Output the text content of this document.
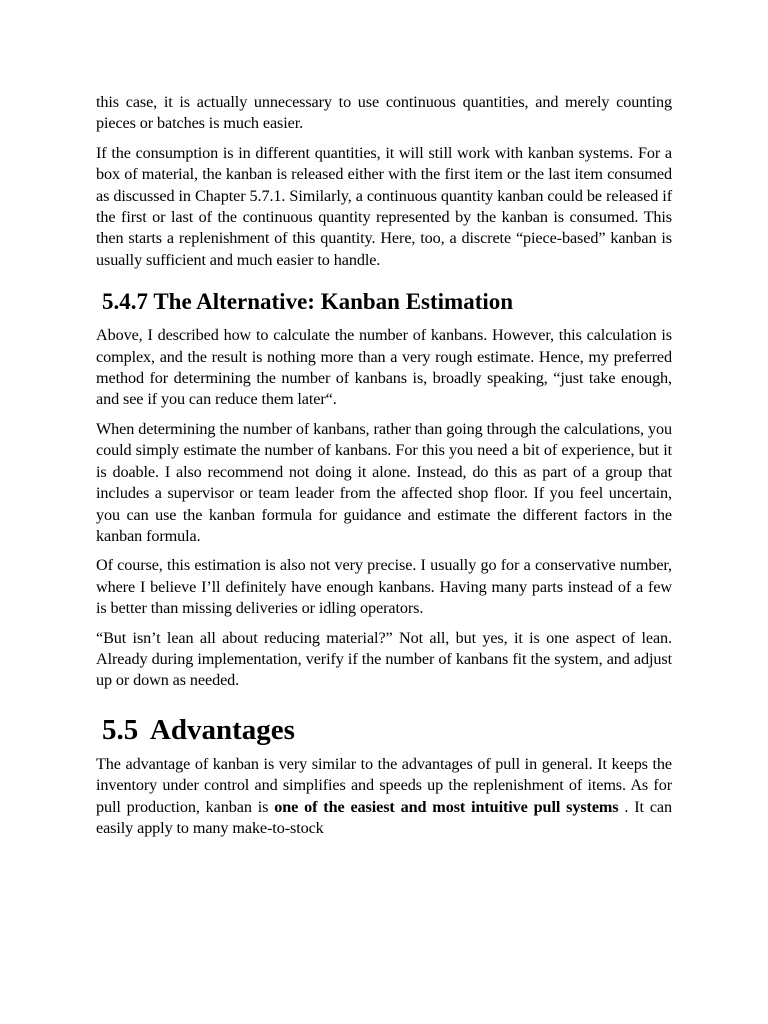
this case, it is actually unnecessary to use continuous quantities, and merely counting pieces or batches is much easier.

If the consumption is in different quantities, it will still work with kanban systems. For a box of material, the kanban is released either with the first item or the last item consumed as discussed in Chapter 5.7.1. Similarly, a continuous quantity kanban could be released if the first or last of the continuous quantity represented by the kanban is consumed. This then starts a replenishment of this quantity. Here, too, a discrete “piece-based” kanban is usually sufficient and much easier to handle.

5.4.7 The Alternative: Kanban Estimation

Above, I described how to calculate the number of kanbans. However, this calculation is complex, and the result is nothing more than a very rough estimate. Hence, my preferred method for determining the number of kanbans is, broadly speaking, “just take enough, and see if you can reduce them later“.

When determining the number of kanbans, rather than going through the calculations, you could simply estimate the number of kanbans. For this you need a bit of experience, but it is doable. I also recommend not doing it alone. Instead, do this as part of a group that includes a supervisor or team leader from the affected shop floor. If you feel uncertain, you can use the kanban formula for guidance and estimate the different factors in the kanban formula.

Of course, this estimation is also not very precise. I usually go for a conservative number, where I believe I’ll definitely have enough kanbans. Having many parts instead of a few is better than missing deliveries or idling operators.

“But isn’t lean all about reducing material?” Not all, but yes, it is one aspect of lean. Already during implementation, verify if the number of kanbans fit the system, and adjust up or down as needed.

5.5 Advantages

The advantage of kanban is very similar to the advantages of pull in general. It keeps the inventory under control and simplifies and speeds up the replenishment of items. As for pull production, kanban is one of the easiest and most intuitive pull systems . It can easily apply to many make-to-stock
